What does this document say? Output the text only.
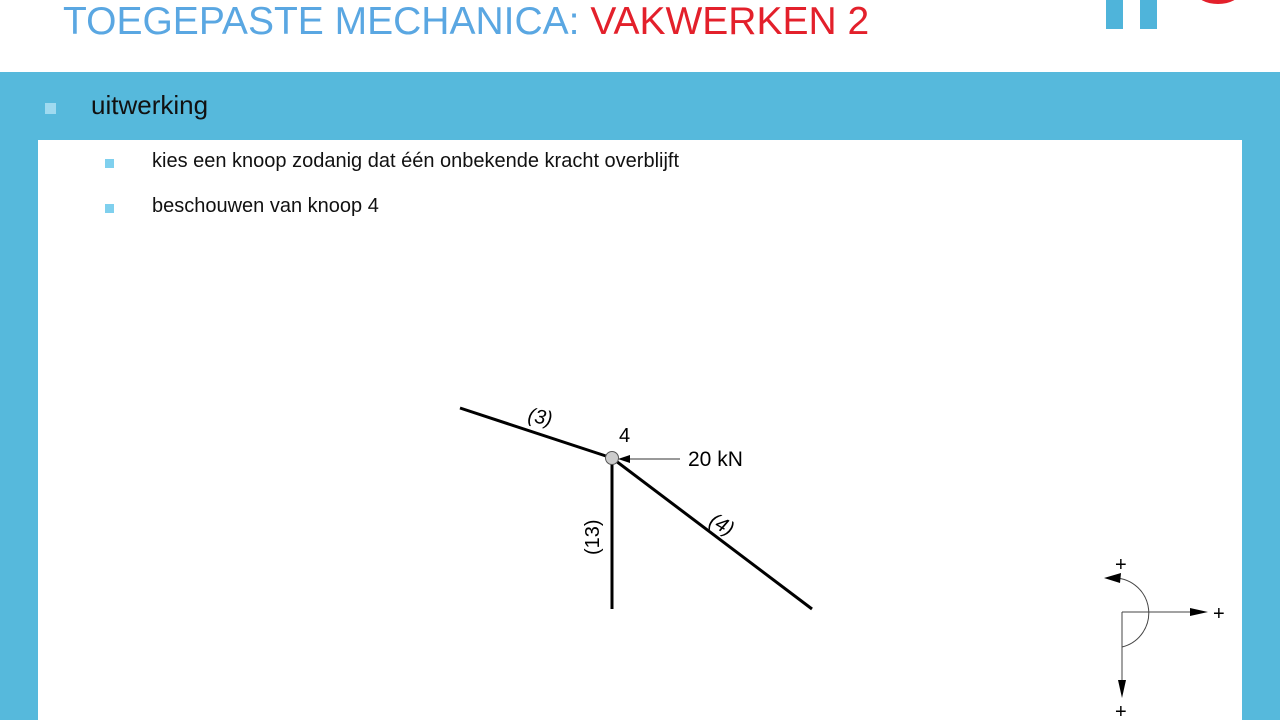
TOEGEPASTE MECHANICA: VAKWERKEN 2
uitwerking
kies een knoop zodanig dat één onbekende kracht overblijft
beschouwen van knoop 4
4
20 kN
(3)
(13)	(4)
+
+
+
